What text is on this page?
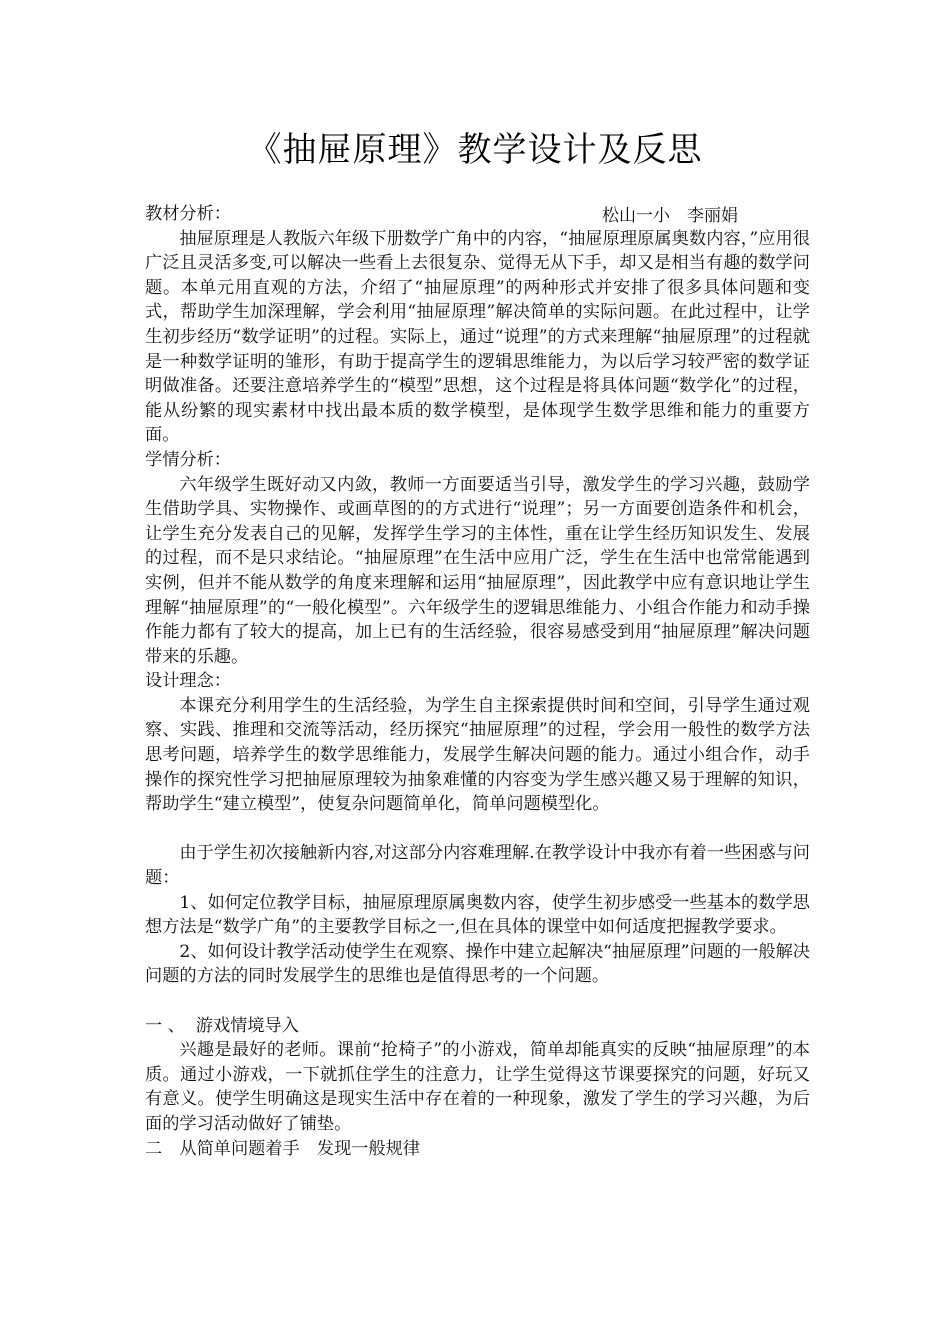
《抽屉原理》教学设计及反思
松山一小　李丽娟

教材分析：

抽屉原理是人教版六年级下册数学广角中的内容，“抽屉原理原属奥数内容，”应用很广泛且灵活多变,可以解决一些看上去很复杂、觉得无从下手，却又是相当有趣的数学问题。本单元用直观的方法，介绍了“抽屉原理”的两种形式并安排了很多具体问题和变式，帮助学生加深理解，学会利用“抽屉原理”解决简单的实际问题。在此过程中，让学生初步经历“数学证明”的过程。实际上，通过“说理”的方式来理解“抽屉原理”的过程就是一种数学证明的雏形，有助于提高学生的逻辑思维能力，为以后学习较严密的数学证明做准备。还要注意培养学生的“模型”思想，这个过程是将具体问题“数学化”的过程，能从纷繁的现实素材中找出最本质的数学模型，是体现学生数学思维和能力的重要方面。

学情分析：

六年级学生既好动又内敛，教师一方面要适当引导，激发学生的学习兴趣，鼓励学生借助学具、实物操作、或画草图的的方式进行“说理”；另一方面要创造条件和机会，让学生充分发表自己的见解，发挥学生学习的主体性，重在让学生经历知识发生、发展的过程，而不是只求结论。“抽屉原理”在生活中应用广泛，学生在生活中也常常能遇到实例，但并不能从数学的角度来理解和运用“抽屉原理”，因此教学中应有意识地让学生理解“抽屉原理”的“一般化模型”。六年级学生的逻辑思维能力、小组合作能力和动手操作能力都有了较大的提高，加上已有的生活经验，很容易感受到用“抽屉原理”解决问题带来的乐趣。

设计理念：

本课充分利用学生的生活经验，为学生自主探索提供时间和空间，引导学生通过观察、实践、推理和交流等活动，经历探究“抽屉原理”的过程，学会用一般性的数学方法思考问题，培养学生的数学思维能力，发展学生解决问题的能力。通过小组合作，动手操作的探究性学习把抽屉原理较为抽象难懂的内容变为学生感兴趣又易于理解的知识，帮助学生“建立模型”，使复杂问题简单化，简单问题模型化。

由于学生初次接触新内容,对这部分内容难理解.在教学设计中我亦有着一些困惑与问题：

1、如何定位教学目标，抽屉原理原属奥数内容，使学生初步感受一些基本的数学思想方法是“数学广角”的主要教学目标之一,但在具体的课堂中如何适度把握教学要求。

2、如何设计教学活动使学生在观察、操作中建立起解决“抽屉原理”问题的一般解决问题的方法的同时发展学生的思维也是值得思考的一个问题。

一 、  游戏情境导入

兴趣是最好的老师。课前“抢椅子”的小游戏，简单却能真实的反映“抽屉原理”的本质。通过小游戏，一下就抓住学生的注意力，让学生觉得这节课要探究的问题，好玩又有意义。使学生明确这是现实生活中存在着的一种现象，激发了学生的学习兴趣，为后面的学习活动做好了铺垫。

二　从简单问题着手　发现一般规律
